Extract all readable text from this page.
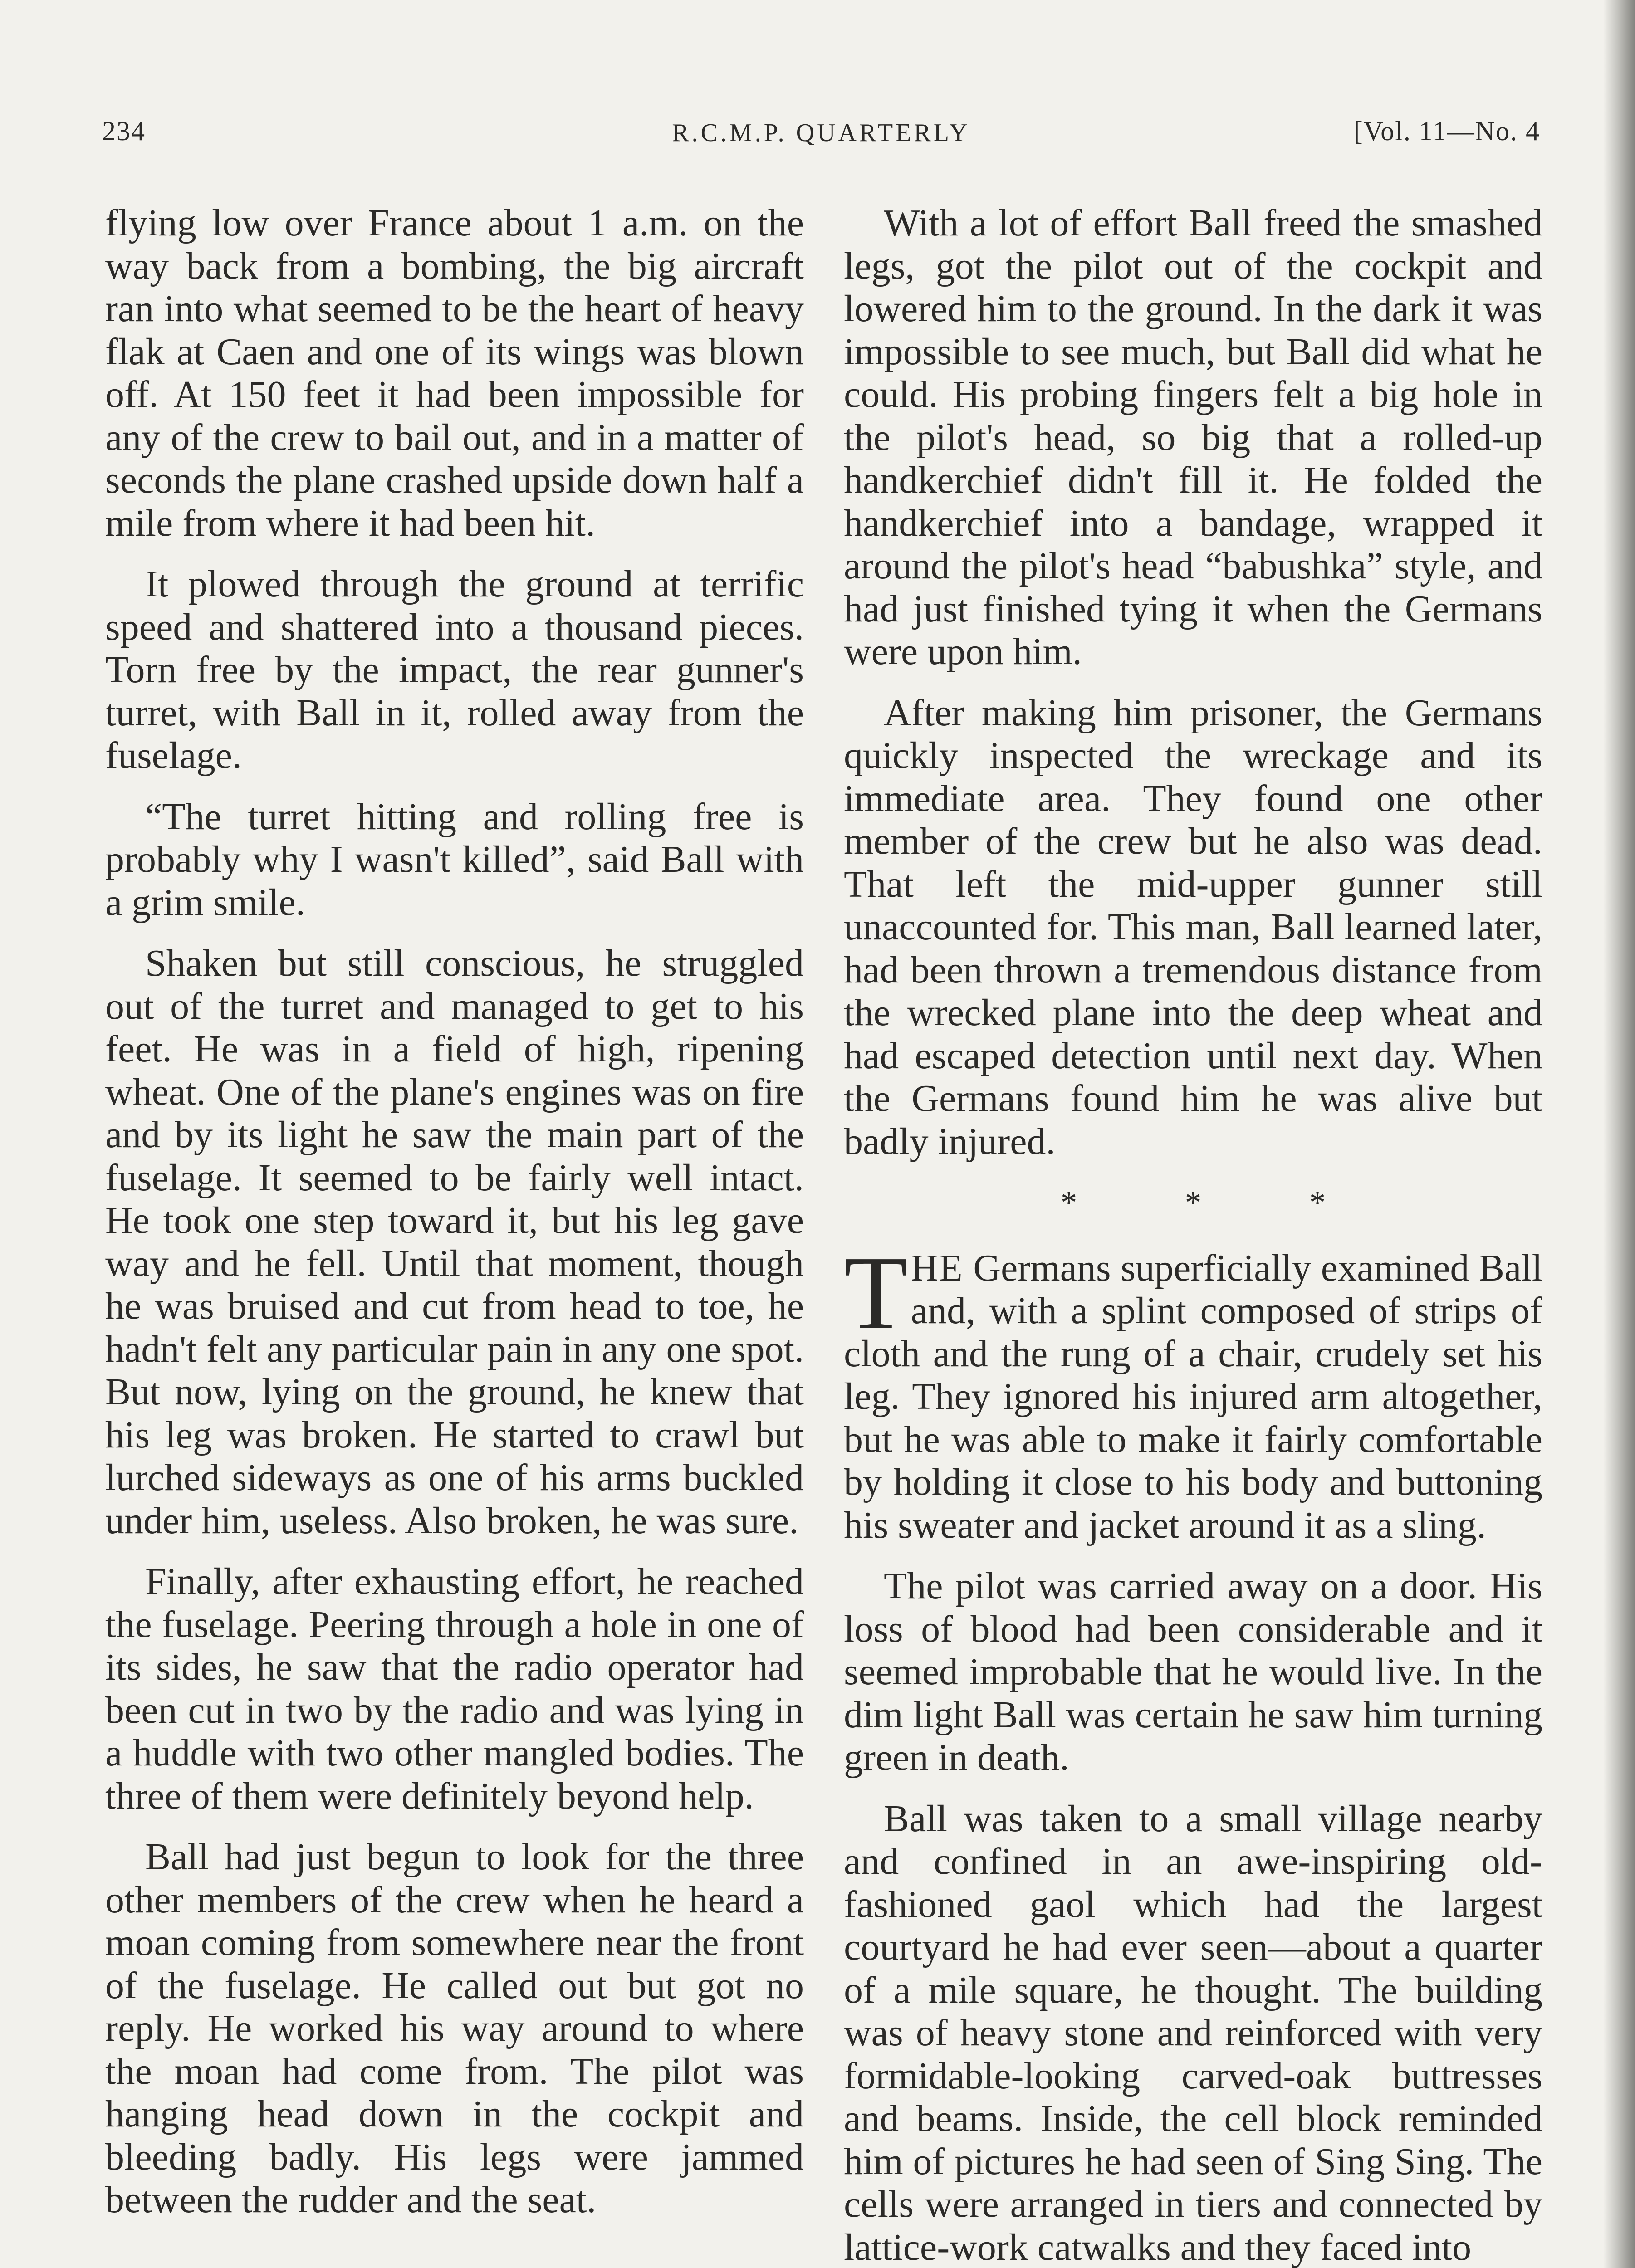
234	R.C.M.P. QUARTERLY	[Vol. 11—No. 4

flying low over France about 1 a.m. on the way back from a bombing, the big aircraft ran into what seemed to be the heart of heavy flak at Caen and one of its wings was blown off. At 150 feet it had been impossible for any of the crew to bail out, and in a matter of seconds the plane crashed upside down half a mile from where it had been hit.

It plowed through the ground at terrific speed and shattered into a thousand pieces. Torn free by the impact, the rear gunner's turret, with Ball in it, rolled away from the fuselage.

“The turret hitting and rolling free is probably why I wasn't killed”, said Ball with a grim smile.

Shaken but still conscious, he struggled out of the turret and managed to get to his feet. He was in a field of high, ripening wheat. One of the plane's engines was on fire and by its light he saw the main part of the fuselage. It seemed to be fairly well intact. He took one step toward it, but his leg gave way and he fell. Until that moment, though he was bruised and cut from head to toe, he hadn't felt any particular pain in any one spot. But now, lying on the ground, he knew that his leg was broken. He started to crawl but lurched sideways as one of his arms buckled under him, useless. Also broken, he was sure.

Finally, after exhausting effort, he reached the fuselage. Peering through a hole in one of its sides, he saw that the radio operator had been cut in two by the radio and was lying in a huddle with two other mangled bodies. The three of them were definitely beyond help.

Ball had just begun to look for the three other members of the crew when he heard a moan coming from somewhere near the front of the fuselage. He called out but got no reply. He worked his way around to where the moan had come from. The pilot was hanging head down in the cockpit and bleeding badly. His legs were jammed between the rudder and the seat.

With a lot of effort Ball freed the smashed legs, got the pilot out of the cockpit and lowered him to the ground. In the dark it was impossible to see much, but Ball did what he could. His probing fingers felt a big hole in the pilot's head, so big that a rolled-up handkerchief didn't fill it. He folded the handkerchief into a bandage, wrapped it around the pilot's head “babushka” style, and had just finished tying it when the Germans were upon him.

After making him prisoner, the Germans quickly inspected the wreckage and its immediate area. They found one other member of the crew but he also was dead. That left the mid-upper gunner still unaccounted for. This man, Ball learned later, had been thrown a tremendous distance from the wrecked plane into the deep wheat and had escaped detection until next day. When the Germans found him he was alive but badly injured.

* * *

THE Germans superficially examined Ball and, with a splint composed of strips of cloth and the rung of a chair, crudely set his leg. They ignored his injured arm altogether, but he was able to make it fairly comfortable by holding it close to his body and buttoning his sweater and jacket around it as a sling.

The pilot was carried away on a door. His loss of blood had been considerable and it seemed improbable that he would live. In the dim light Ball was certain he saw him turning green in death.

Ball was taken to a small village nearby and confined in an awe-inspiring old-fashioned gaol which had the largest courtyard he had ever seen—about a quarter of a mile square, he thought. The building was of heavy stone and reinforced with very formidable-looking carved-oak buttresses and beams. Inside, the cell block reminded him of pictures he had seen of Sing Sing. The cells were arranged in tiers and connected by lattice-work catwalks and they faced into
